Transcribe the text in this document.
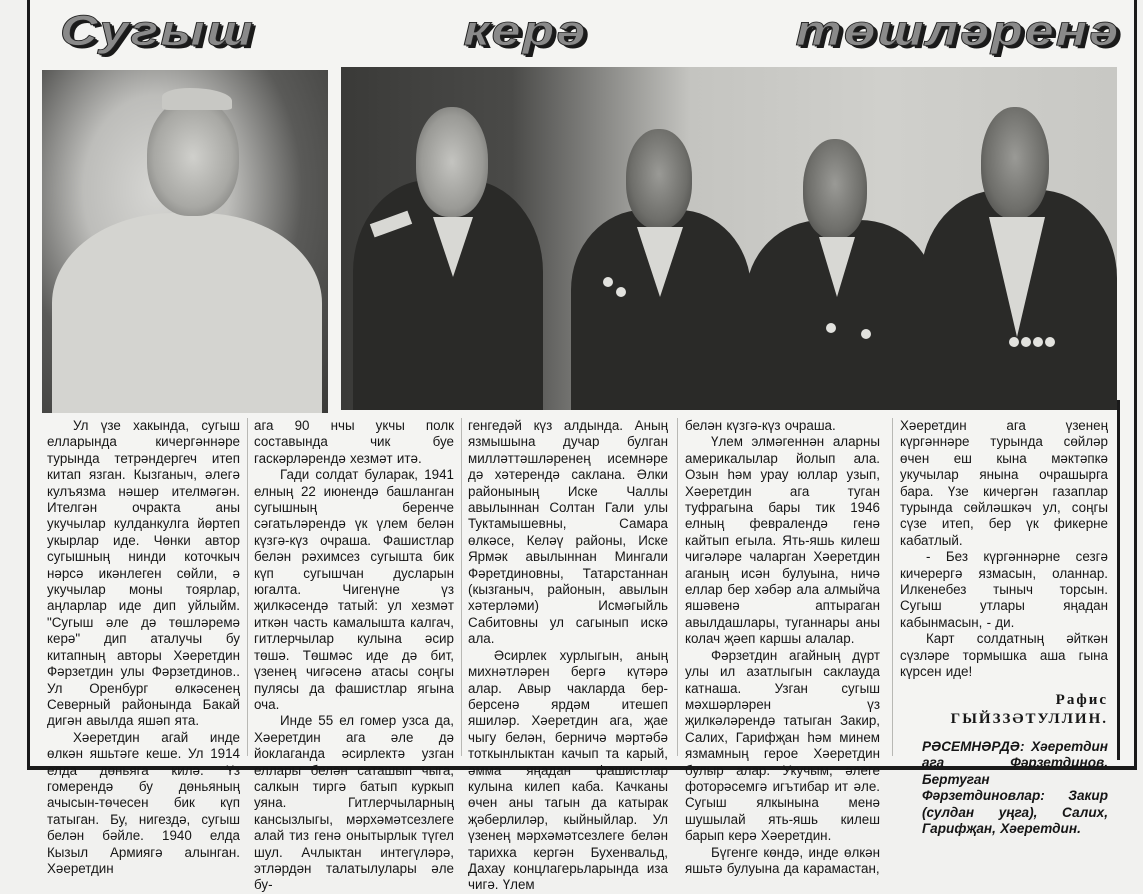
Сугыш	керә	төшләренә

Ул үзе хакында, сугыш елларында кичергәннәре турында тетрәндергеч итеп китап язган. Кызганыч, әлегә кулъязма нәшер ителмәгән. Ителгән очракта аны укучылар кулданкулга йөртеп укырлар иде. Чөнки автор сугышның нинди коточкыч нәрсә икәнлеген сөйли, ә укучылар моны тоярлар, аңларлар иде дип уйлыйм. "Сугыш әле дә төшләремә керә" дип аталучы бу китапның авторы Хәеретдин Фәрзетдин улы Фәрзетдинов.. Ул Оренбург өлкәсенең Северный районында Бакай дигән авылда яшәп ята.

Хәеретдин агай инде өлкән яшьтәге кеше. Ул 1914 елда дөньяга килә. Үз гомерендә бу дөньяның ачысын-төчесен бик күп татыган. Бу, нигездә, сугыш белән бәйле. 1940 елда Кызыл Армиягә алынган. Хәеретдин

ага 90 нчы укчы полк составында чик буе гаскәрләрендә хезмәт итә.

Гади солдат буларак, 1941 елның 22 июнендә башланган сугышның беренче сәгатьләрендә үк үлем белән күзгә-күз очраша. Фашистлар белән рәхимсез сугышта бик күп сугышчан дусларын югалта. Чигенүне үз җилкәсендә татый: ул хезмәт иткән часть камалышта калгач, гитлерчылар кулына әсир төшә. Төшмәс иде дә бит, үзенең чигәсенә атасы соңгы пулясы да фашистлар ягына оча.

Инде 55 ел гомер узса да, Хәеретдин ага әле дә йоклаганда әсирлектә узган еллары белән саташып чыга, салкын тиргә батып куркып уяна. Гитлерчыларның кансызлыгы, мәрхәмәтсезлеге алай тиз генә онытырлык түгел шул. Ачлыктан интегүләрә, этләрдән талатылулары әле бу-

генгедәй күз алдында. Аның язмышына дучар булган милләттәшләренең исемнәре дә хәтерендә саклана. Әлки районының Иске Чаллы авылыннан Солтан Гали улы Туктамышевны, Самара өлкәсе, Келәү районы, Иске Ярмәк авылыннан Мингали Фәретдиновны, Татарстаннан (кызганыч, районын, авылын хәтерләми) Исмәгыйль Сабитовны ул сагынып искә ала.

Әсирлек хурлыгын, аның михнәтләрен бергә күтәрә алар. Авыр чакларда бер-берсенә ярдәм итешеп яшиләр. Хәеретдин ага, җае чыгу белән, берничә мәртәбә тоткынлыктан качып та карый, әмма яңадан фашистлар кулына килеп каба. Качканы өчен аны тагын да катырак җәберлиләр, кыйныйлар. Ул үзенең мәрхәмәтсезлеге белән тарихка кергән Бухенвальд, Дахау концлагерьларында иза чигә. Үлем

белән күзгә-күз очраша.

Үлем элмәгеннән аларны америкалылар йолып ала. Озын һәм урау юллар узып, Хәеретдин ага туган туфрагына бары тик 1946 елның февралендә генә кайтып егыла. Ять-яшь килеш чигәләре чаларган Хәеретдин аганың исән булуына, ничә еллар бер хәбәр ала алмыйча яшәвенә аптыраган авылдашлары, туганнары аны колач җәеп каршы алалар.

Фәрзетдин агайның дүрт улы ил азатлыгын саклауда катнаша. Узган сугыш мәхшәрләрен үз җилкәләрендә татыган Закир, Салих, Гарифҗан һәм минем язмамның герое Хәеретдин булыр алар. Укучым, әлеге фоторәсемгә игътибар ит әле. Сугыш ялкынына менә шушылай ять-яшь килеш барып керә Хәеретдин.

Бүгенге көндә, инде өлкән яшьтә булуына да карамастан,

Хәеретдин ага үзенең күргәннәре турында сөйләр өчен еш кына мәктәпкә укучылар янына очрашырга бара. Үзе кичергән газаплар турында сөйләшкәч ул, соңгы сүзе итеп, бер үк фикерне кабатлый.

- Без күргәннәрне сезгә кичерергә язмасын, оланнар. Илкенебез тыныч торсын. Сугыш утлары яңадан кабынмасын, - ди.

Карт солдатның әйткән сүзләре тормышка аша гына күрсен иде!

Рафис
ГЫЙЗЗӘТУЛЛИН.
РӘСЕМНӘРДӘ: Хәеретдин ага Фәрзетдинов. Бертуган Фәрзетдиновлар: Закир (сулдан уңга), Салих, Гарифҗан, Хәеретдин.
